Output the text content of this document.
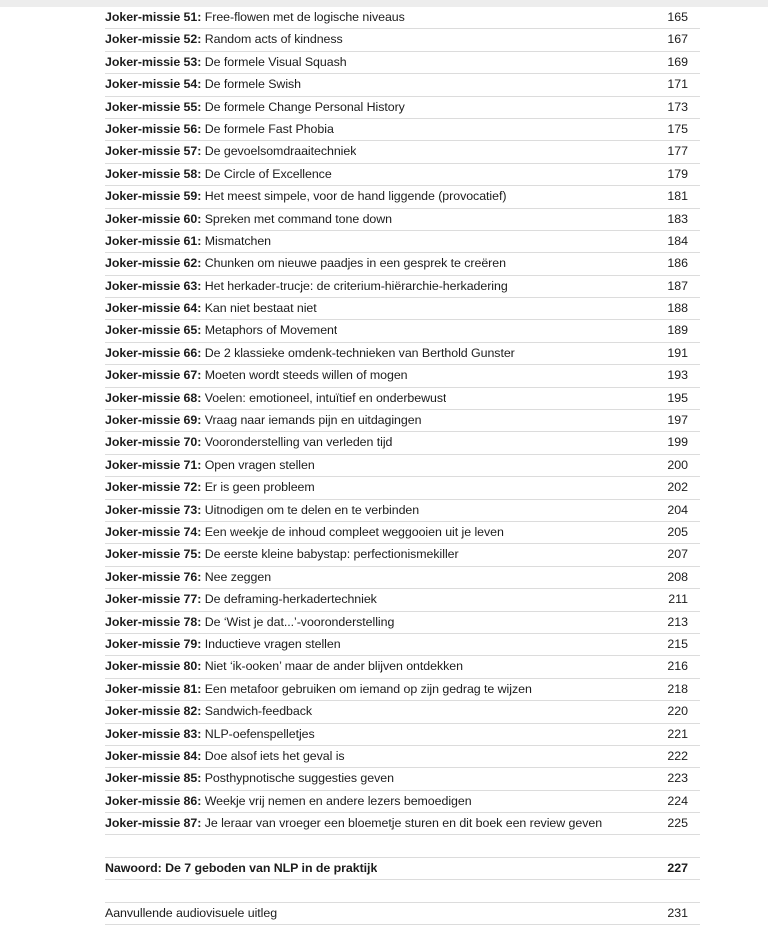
Joker-missie 51: Free-flowen met de logische niveaus	165
Joker-missie 52: Random acts of kindness	167
Joker-missie 53: De formele Visual Squash	169
Joker-missie 54: De formele Swish	171
Joker-missie 55: De formele Change Personal History	173
Joker-missie 56: De formele Fast Phobia	175
Joker-missie 57: De gevoelsomdraaitechniek	177
Joker-missie 58: De Circle of Excellence	179
Joker-missie 59: Het meest simpele, voor de hand liggende (provocatief)	181
Joker-missie 60: Spreken met command tone down	183
Joker-missie 61: Mismatchen	184
Joker-missie 62: Chunken om nieuwe paadjes in een gesprek te creëren	186
Joker-missie 63: Het herkader-trucje: de criterium-hiërarchie-herkadering	187
Joker-missie 64: Kan niet bestaat niet	188
Joker-missie 65: Metaphors of Movement	189
Joker-missie 66: De 2 klassieke omdenk-technieken van Berthold Gunster	191
Joker-missie 67: Moeten wordt steeds willen of mogen	193
Joker-missie 68: Voelen: emotioneel, intuïtief en onderbewust	195
Joker-missie 69: Vraag naar iemands pijn en uitdagingen	197
Joker-missie 70: Vooronderstelling van verleden tijd	199
Joker-missie 71: Open vragen stellen	200
Joker-missie 72: Er is geen probleem	202
Joker-missie 73: Uitnodigen om te delen en te verbinden	204
Joker-missie 74: Een weekje de inhoud compleet weggooien uit je leven	205
Joker-missie 75: De eerste kleine babystap: perfectionismekiller	207
Joker-missie 76: Nee zeggen	208
Joker-missie 77: De deframing-herkadertechniek	211
Joker-missie 78: De ‘Wist je dat...’-vooronderstelling	213
Joker-missie 79: Inductieve vragen stellen	215
Joker-missie 80: Niet ‘ik-ooken’ maar de ander blijven ontdekken	216
Joker-missie 81: Een metafoor gebruiken om iemand op zijn gedrag te wijzen	218
Joker-missie 82: Sandwich-feedback	220
Joker-missie 83: NLP-oefenspelletjes	221
Joker-missie 84: Doe alsof iets het geval is	222
Joker-missie 85: Posthypnotische suggesties geven	223
Joker-missie 86: Weekje vrij nemen en andere lezers bemoedigen	224
Joker-missie 87: Je leraar van vroeger een bloemetje sturen en dit boek een review geven	225
Nawoord: De 7 geboden van NLP in de praktijk	227
Aanvullende audiovisuele uitleg	231
